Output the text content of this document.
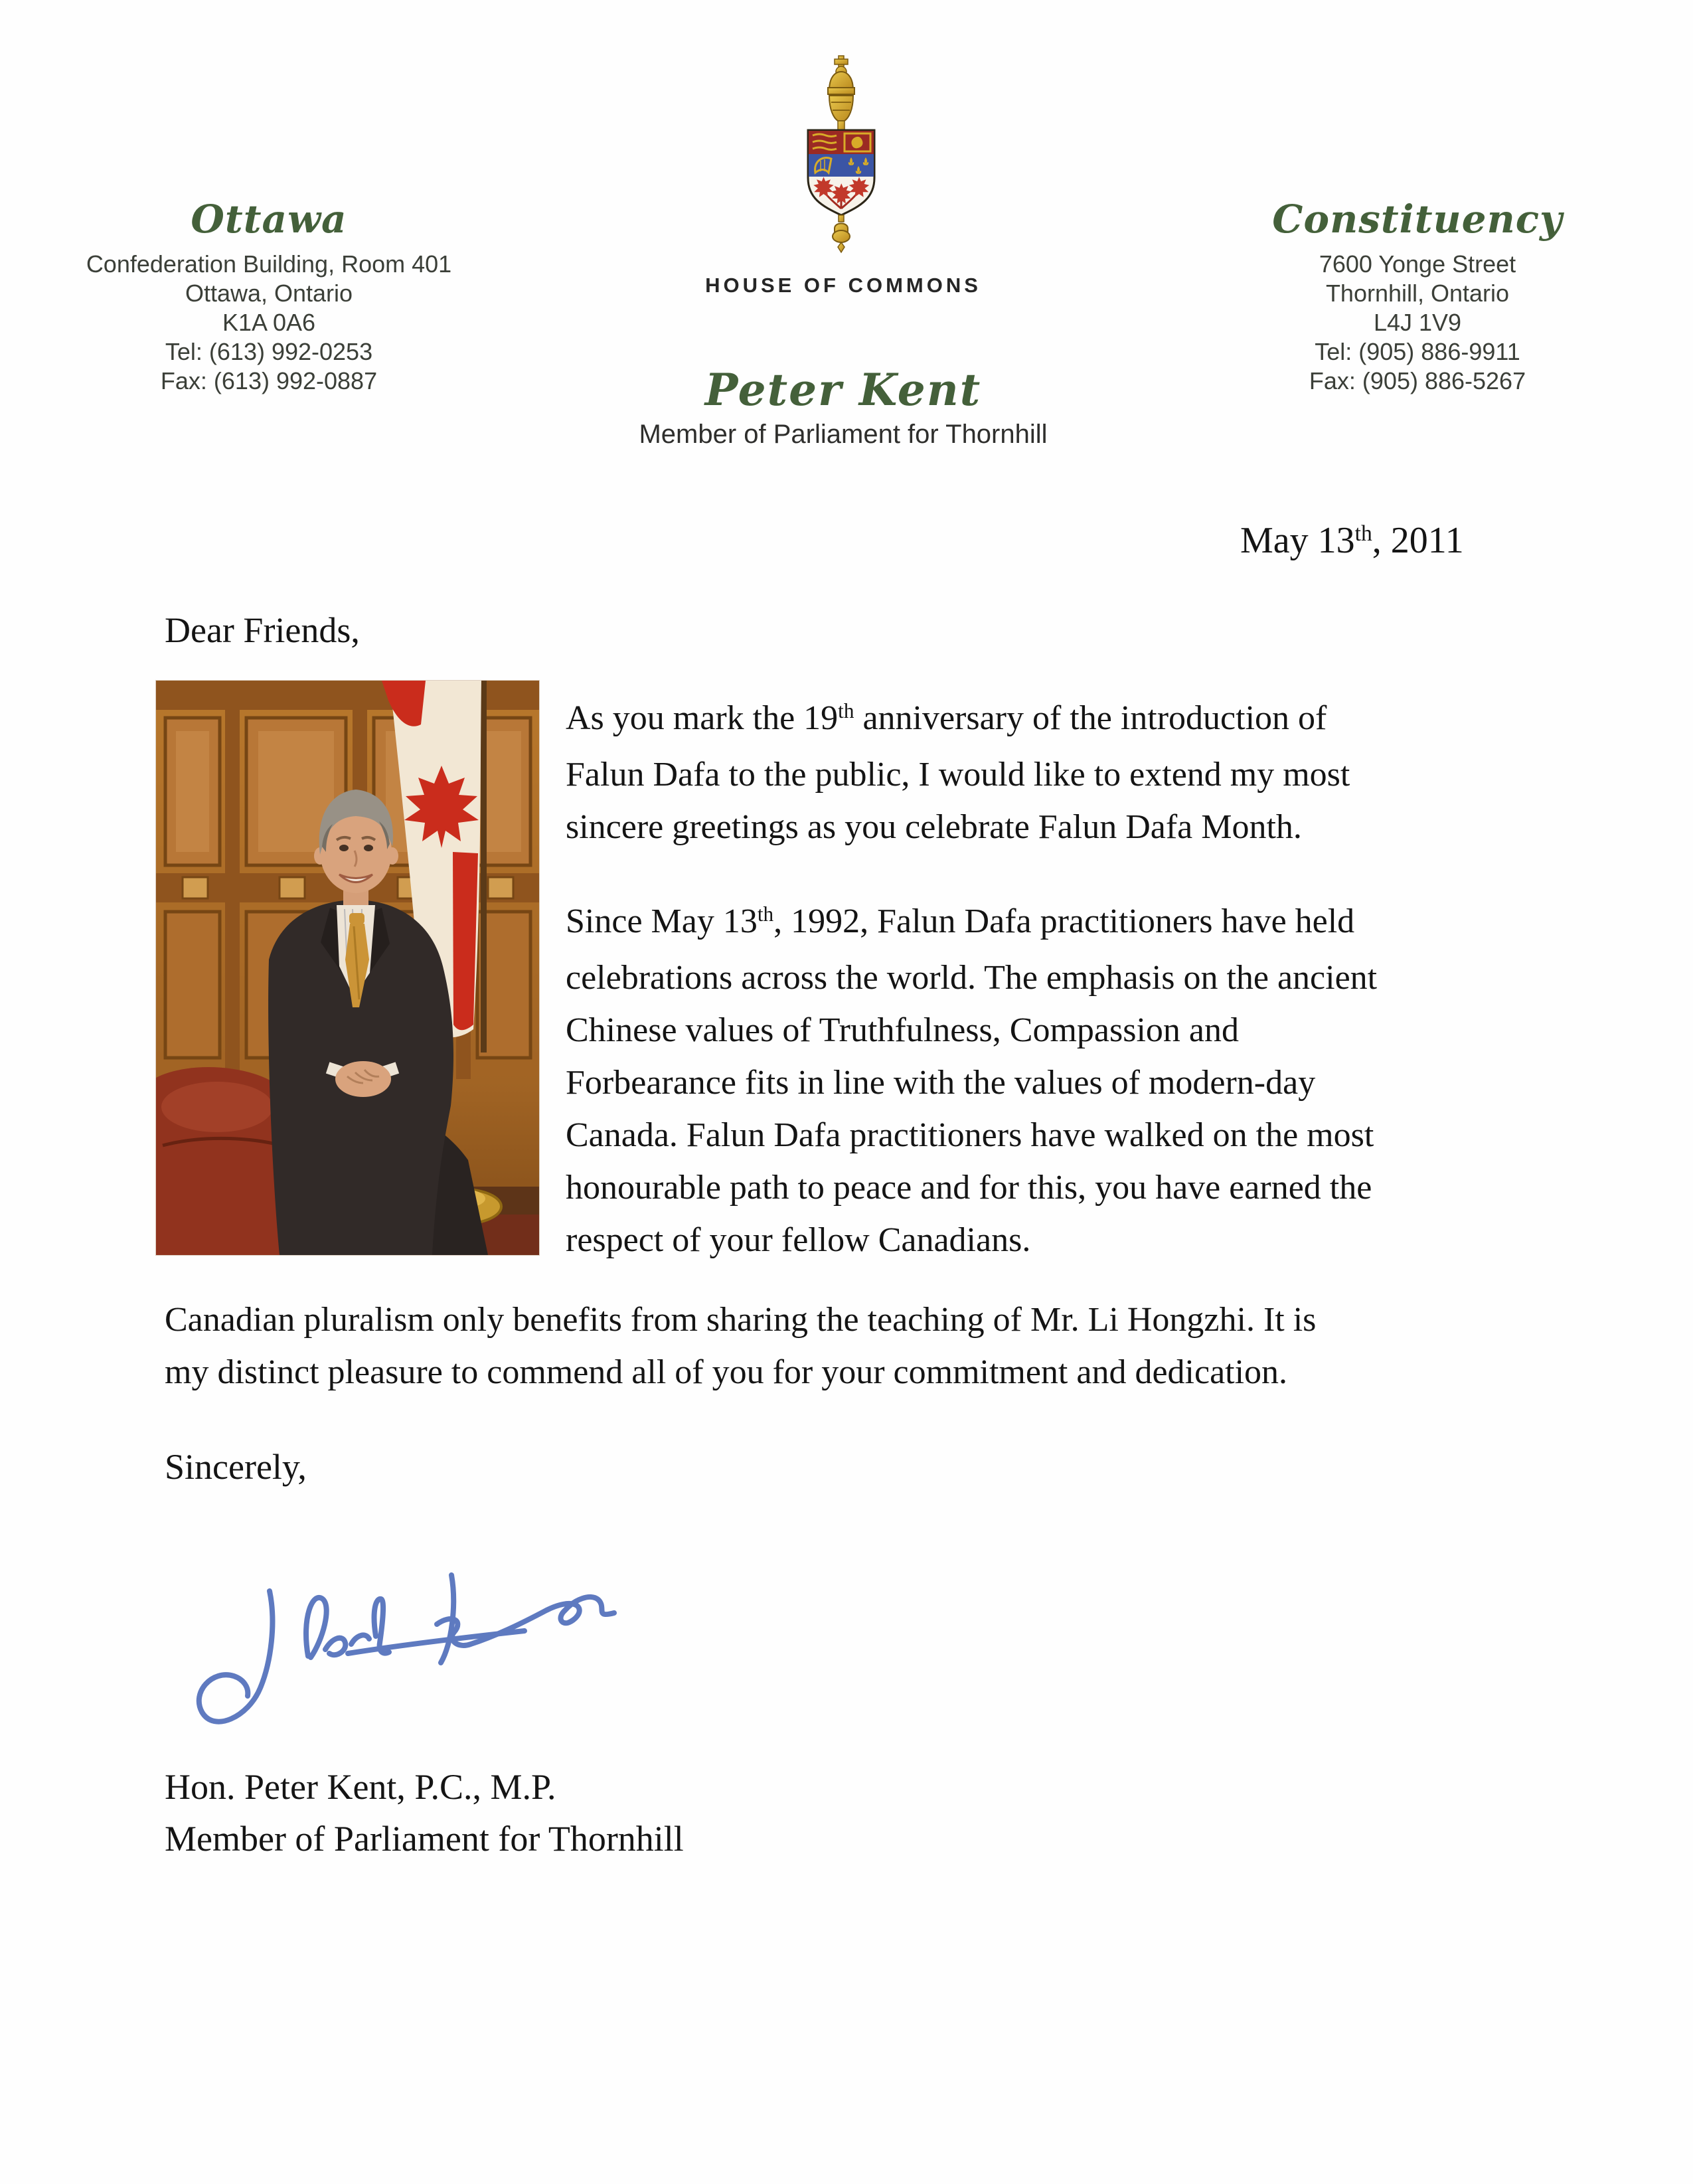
Ottawa
Confederation Building, Room 401
Ottawa, Ontario
K1A 0A6
Tel: (613) 992-0253
Fax: (613) 992-0887
Constituency
7600 Yonge Street
Thornhill, Ontario
L4J 1V9
Tel: (905) 886-9911
Fax: (905) 886-5267
HOUSE OF COMMONS
Peter Kent
Member of Parliament for Thornhill
May 13th, 2011
Dear Friends,
As you mark the 19th anniversary of the introduction of
Falun Dafa to the public, I would like to extend my most
sincere greetings as you celebrate Falun Dafa Month.
Since May 13th, 1992, Falun Dafa practitioners have held
celebrations across the world. The emphasis on the ancient
Chinese values of Truthfulness, Compassion and
Forbearance fits in line with the values of modern-day
Canada. Falun Dafa practitioners have walked on the most
honourable path to peace and for this, you have earned the
respect of your fellow Canadians.
Canadian pluralism only benefits from sharing the teaching of Mr. Li Hongzhi. It is
my distinct pleasure to commend all of you for your commitment and dedication.
Sincerely,
Hon. Peter Kent, P.C., M.P.
Member of Parliament for Thornhill
